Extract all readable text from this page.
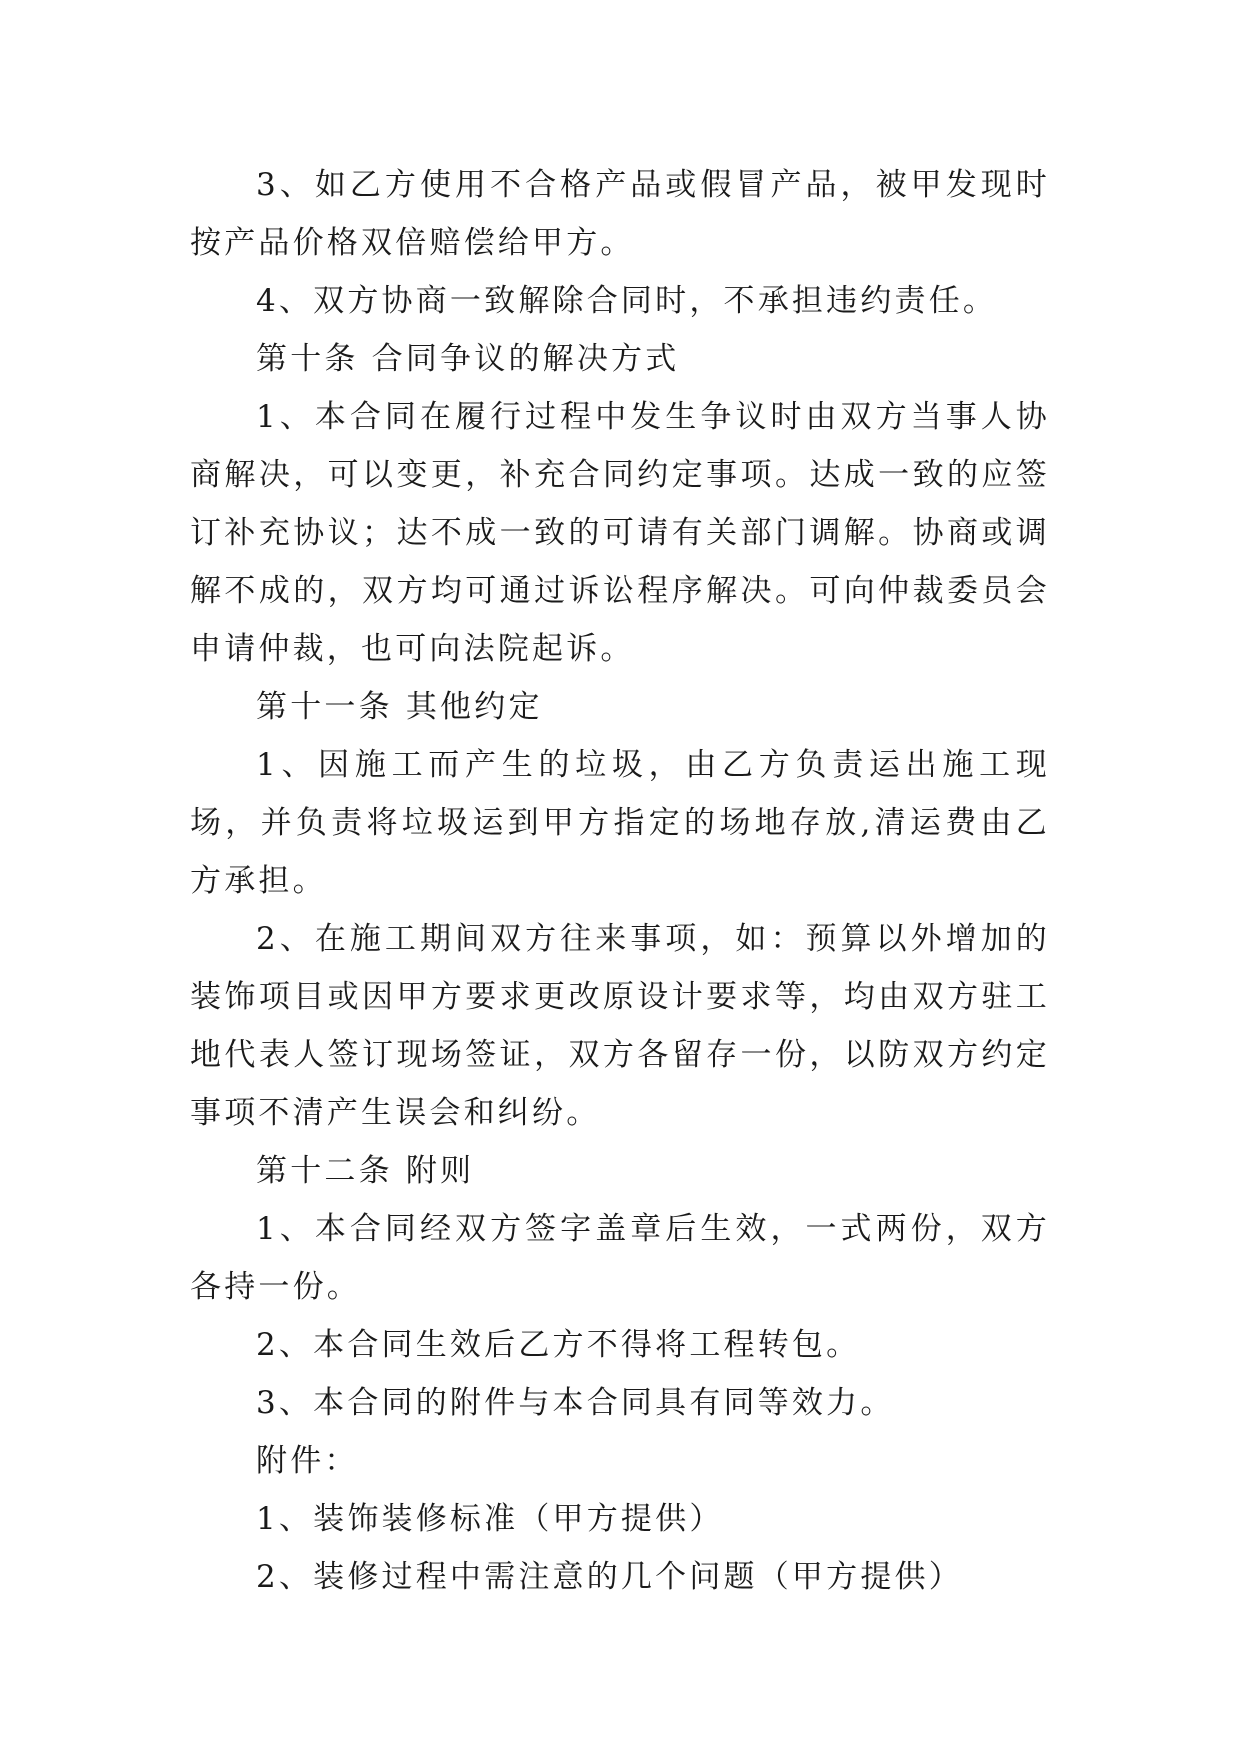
3、如乙方使用不合格产品或假冒产品，被甲发现时按产品价格双倍赔偿给甲方。

4、双方协商一致解除合同时，不承担违约责任。

第十条 合同争议的解决方式

1、本合同在履行过程中发生争议时由双方当事人协商解决，可以变更，补充合同约定事项。达成一致的应签订补充协议；达不成一致的可请有关部门调解。协商或调解不成的，双方均可通过诉讼程序解决。可向仲裁委员会申请仲裁，也可向法院起诉。

第十一条 其他约定

1、因施工而产生的垃圾，由乙方负责运出施工现场，并负责将垃圾运到甲方指定的场地存放,清运费由乙方承担。

2、在施工期间双方往来事项，如：预算以外增加的装饰项目或因甲方要求更改原设计要求等，均由双方驻工地代表人签订现场签证，双方各留存一份，以防双方约定事项不清产生误会和纠纷。

第十二条 附则

1、本合同经双方签字盖章后生效，一式两份，双方各持一份。

2、本合同生效后乙方不得将工程转包。

3、本合同的附件与本合同具有同等效力。

附件：

1、装饰装修标准（甲方提供）

2、装修过程中需注意的几个问题（甲方提供）
